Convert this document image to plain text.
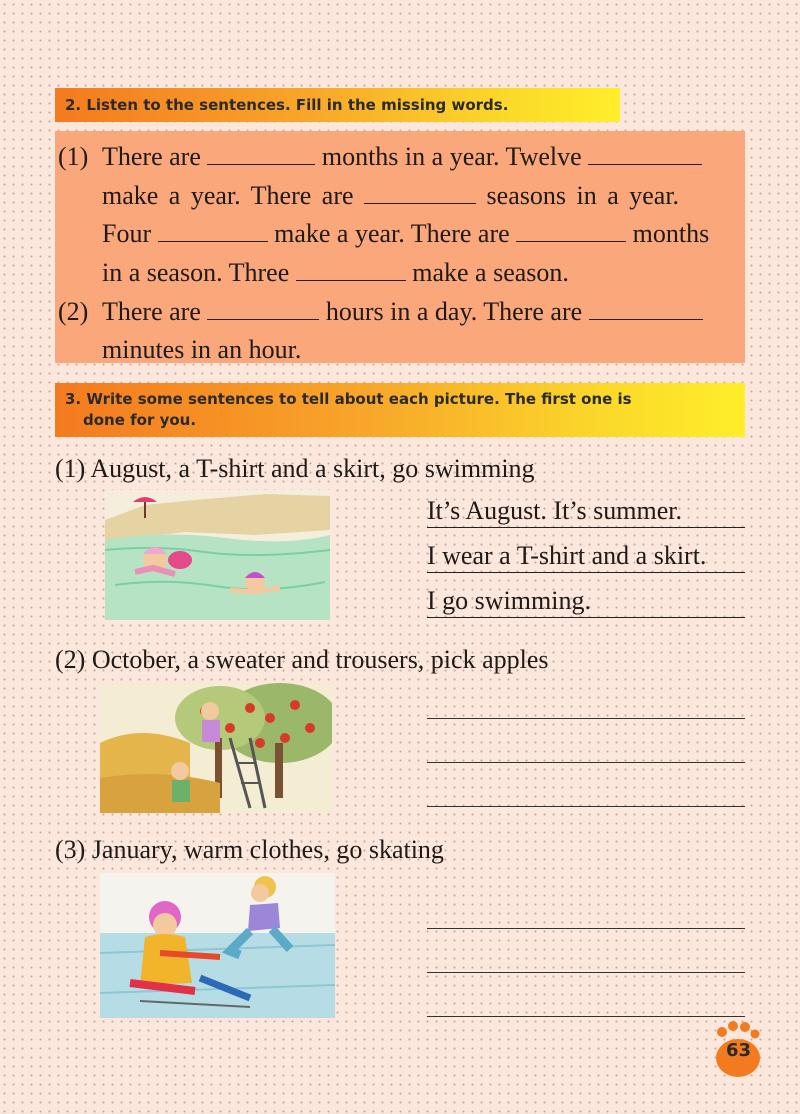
2. Listen to the sentences. Fill in the missing words.
(1) There are	months in a year. Twelve
make a year. There are	seasons in a year.
Four	make a year. There are	months
in a season. Three	make a season.
(2) There are	hours in a day. There are
minutes in an hour.
3. Write some sentences to tell about each picture. The first one is
done for you.
(1) August, a T-shirt and a skirt, go swimming
It’s August. It’s summer.
I wear a T-shirt and a skirt.
I go swimming.
(2) October, a sweater and trousers, pick apples
(3) January, warm clothes, go skating
63
